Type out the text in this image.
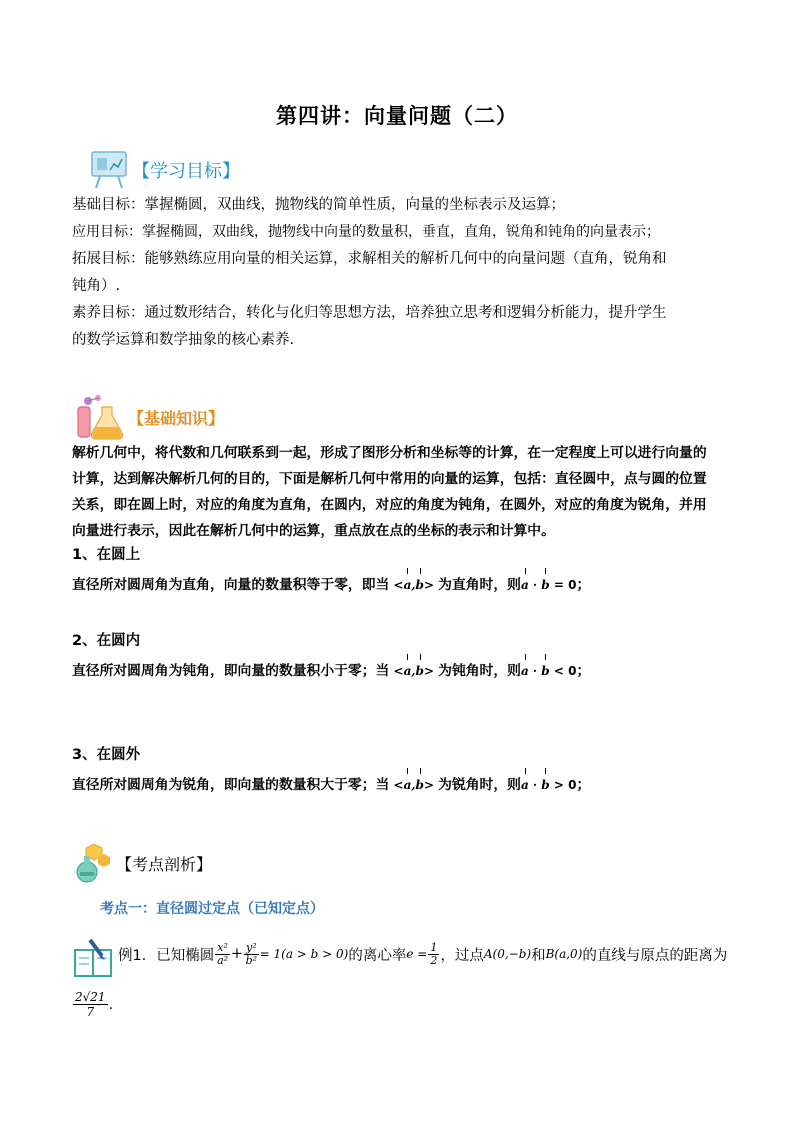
第四讲：向量问题（二）
【学习目标】
基础目标：掌握椭圆，双曲线，抛物线的简单性质，向量的坐标表示及运算；
应用目标：掌握椭圆，双曲线，抛物线中向量的数量积，垂直，直角，锐角和钝角的向量表示；
拓展目标：能够熟练应用向量的相关运算，求解相关的解析几何中的向量问题（直角，锐角和
钝角）.
素养目标：通过数形结合，转化与化归等思想方法，培养独立思考和逻辑分析能力，提升学生
的数学运算和数学抽象的核心素养.
【基础知识】
解析几何中，将代数和几何联系到一起，形成了图形分析和坐标等的计算，在一定程度上可以进行向量的
计算，达到解决解析几何的目的，下面是解析几何中常用的向量的运算，包括：直径圆中，点与圆的位置
关系，即在圆上时，对应的角度为直角，在圆内，对应的角度为钝角，在圆外，对应的角度为锐角，并用
向量进行表示，因此在解析几何中的运算，重点放在点的坐标的表示和计算中。
1、在圆上
直径所对圆周角为直角，向量的数量积等于零，即当 <a,b> 为直角时，则a · b = 0；
2、在圆内
直径所对圆周角为钝角，即向量的数量积小于零；当 <a,b> 为钝角时，则a · b < 0；
3、在圆外
直径所对圆周角为锐角，即向量的数量积大于零；当 <a,b> 为锐角时，则a · b > 0；
【考点剖析】
考点一：直径圆过定点（已知定点）
例1．已知椭圆 $\frac{\text{x²}}{\text{a²}} + \frac{\text{y²}}{\text{b²}} = 1$ (a > b > 0) 的离心率 $e = \frac{1}{2}$ ，过点 A(0,−b) 和 B(a,0) 的直线与原点的距离为
$\frac{2√21}{7}$ .
